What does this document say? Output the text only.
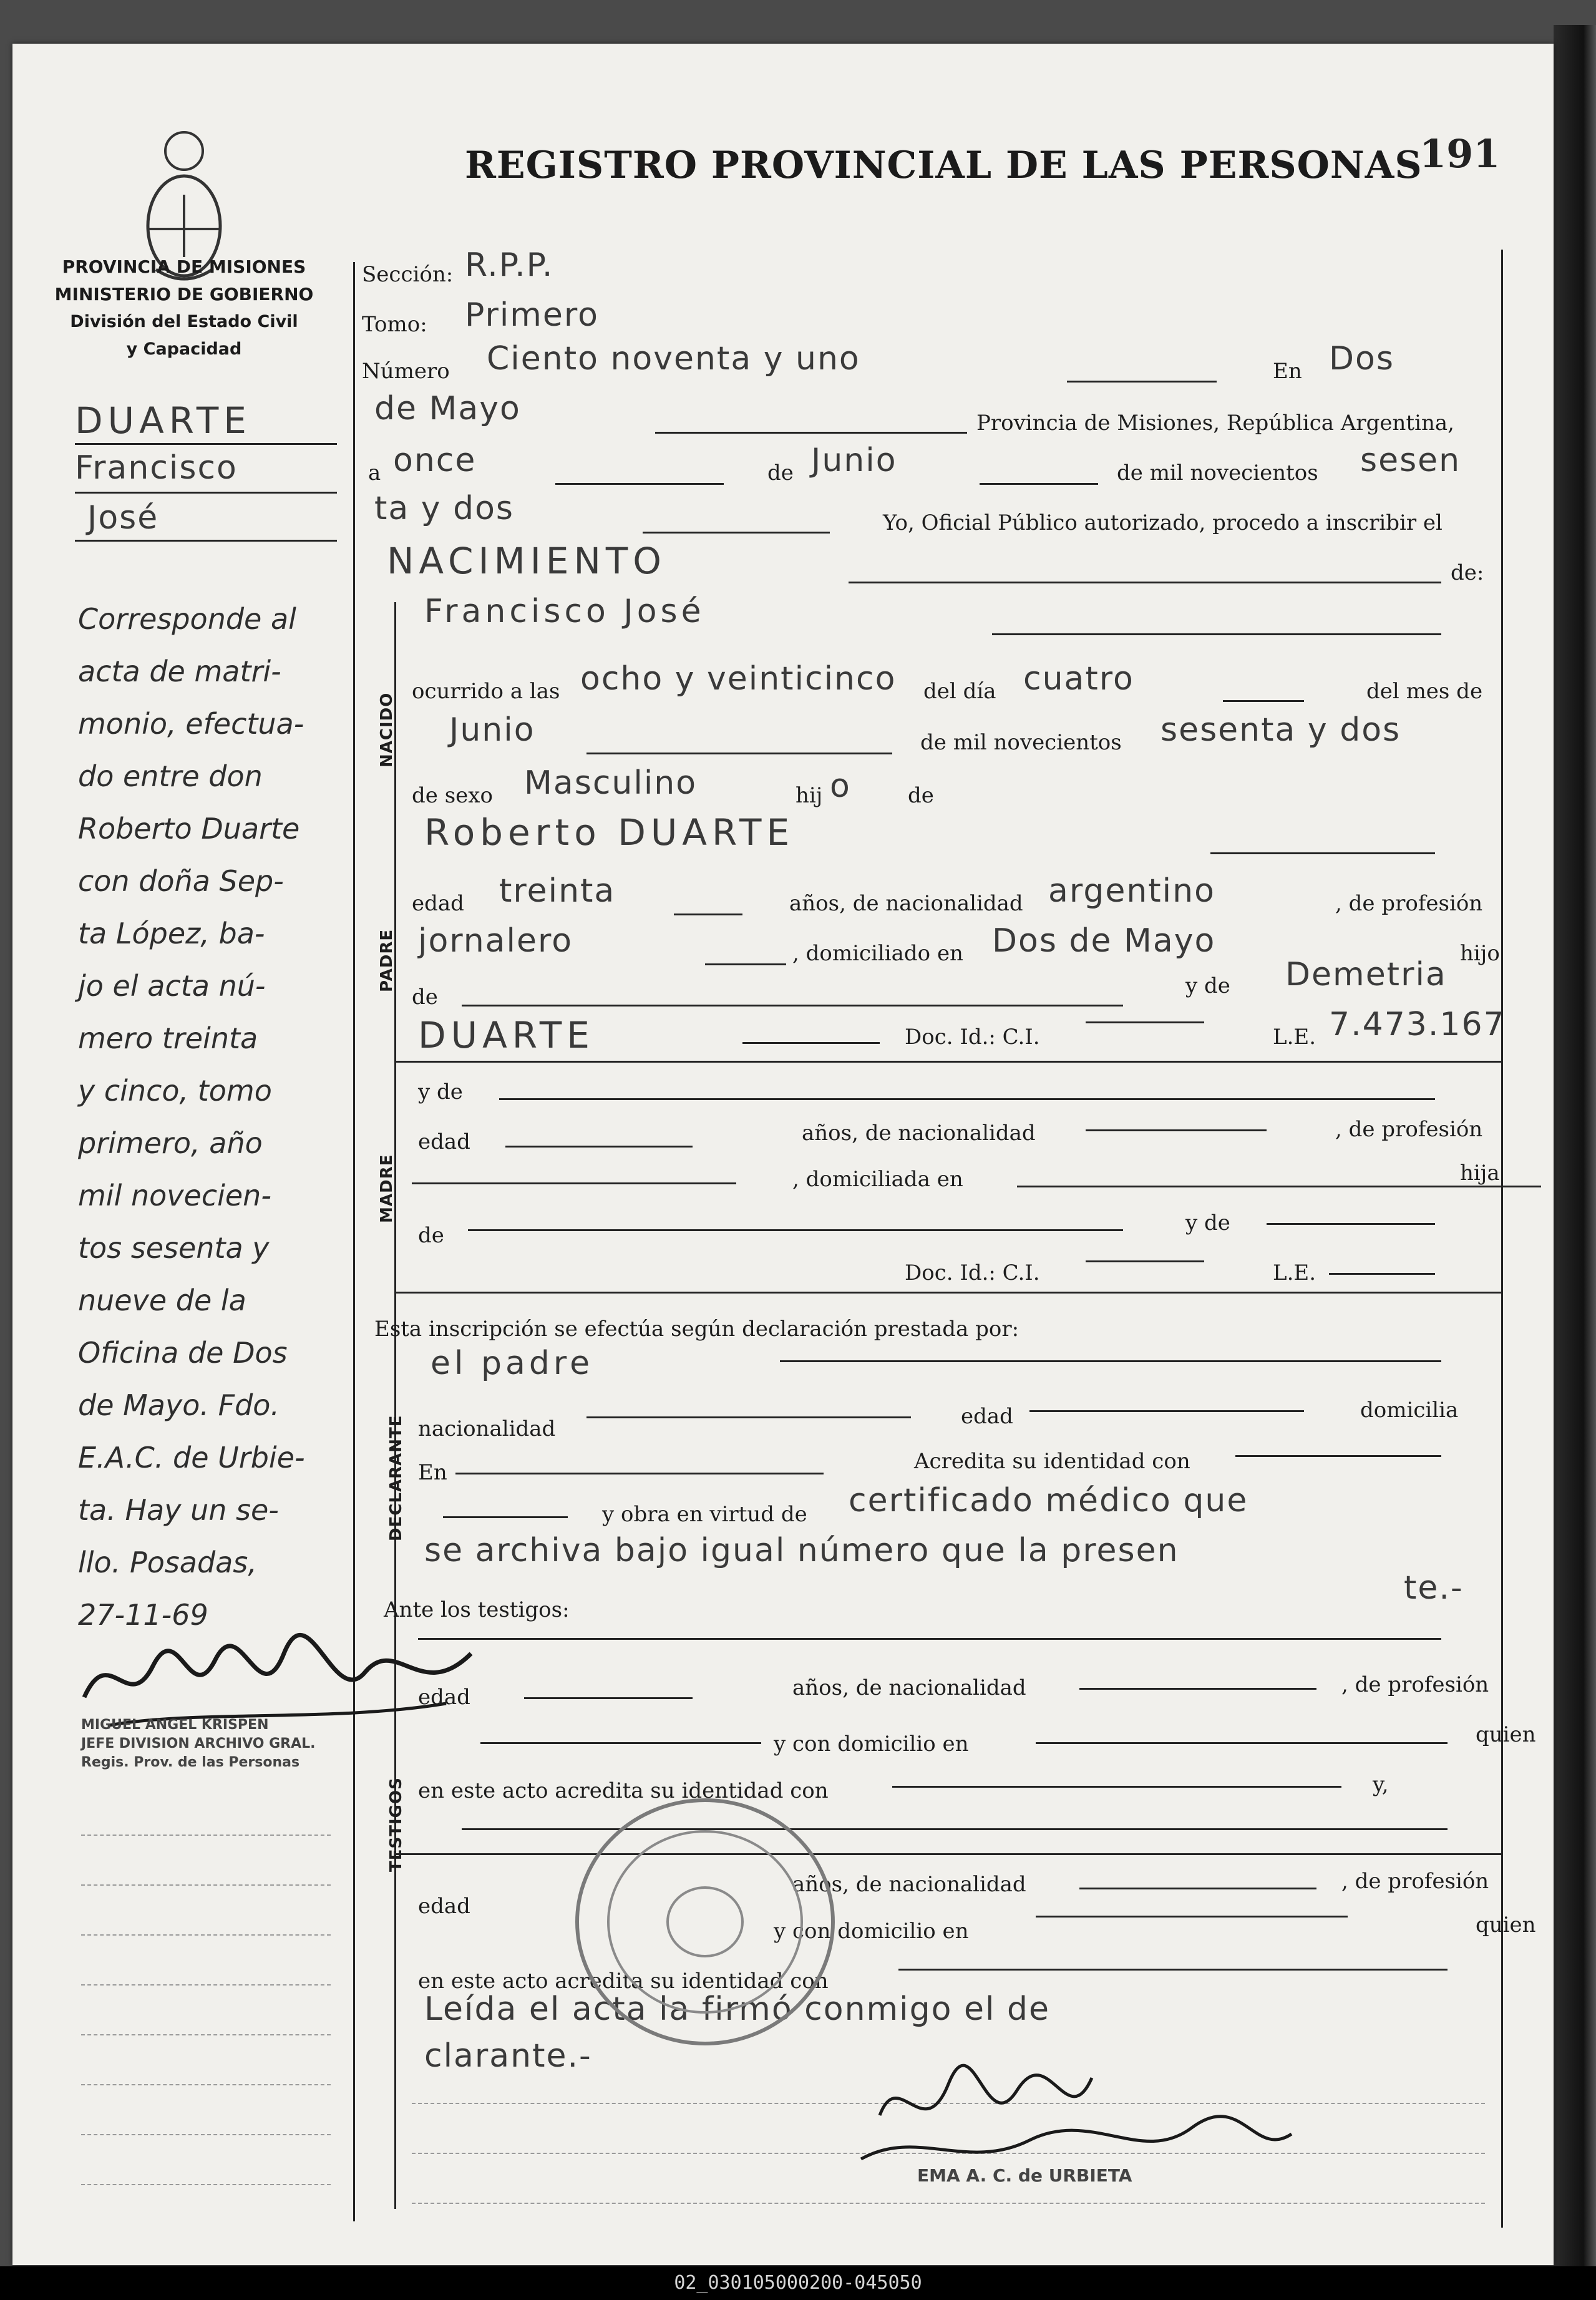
REGISTRO PROVINCIAL DE LAS PERSONAS
191
PROVINCIA DE MISIONES
MINISTERIO DE GOBIERNO
División del Estado Civil
y Capacidad
DUARTE
Francisco
José
Corresponde al
acta de matri-
monio, efectua-
do entre don
Roberto Duarte
con doña Sep-
ta López, ba-
jo el acta nú-
mero treinta
y cinco, tomo
primero, año
mil novecien-
tos sesenta y
nueve de la
Oficina de Dos
de Mayo. Fdo.
E.A.C. de Urbie-
ta. Hay un se-
llo. Posadas,
27-11-69
MIGUEL ANGEL KRISPEN
JEFE DIVISION ARCHIVO GRAL.
Regis. Prov. de las Personas
Sección: R.P.P.
Tomo: Primero
Número Ciento noventa y uno	En Dos
de Mayo	Provincia de Misiones, República Argentina,
a once	de Junio	de mil novecientos sesen
ta y dos	Yo, Oficial Público autorizado, procedo a inscribir el
NACIMIENTO	de:
NACIDO
Francisco José
ocurrido a las ocho y veinticinco del día cuatro	del mes de
Junio	de mil novecientos sesenta y dos
de sexo Masculino	hij o	de
PADRE
Roberto DUARTE
edad treinta	años, de nacionalidad argentino	, de profesión
jornalero	, domiciliado en Dos de Mayo	hijo
de	y de Demetria
DUARTE	Doc. Id.: C.I.	L.E. 7.473.167
MADRE
y de
edad	años, de nacionalidad	, de profesión
, domiciliada en	hija
de	y de
Doc. Id.: C.I.	L.E.
Esta inscripción se efectúa según declaración prestada por:
DECLARANTE
el padre
nacionalidad	edad	domicilia
En	Acredita su identidad con
y obra en virtud de certificado médico que
se archiva bajo igual número que la presen
te.-
Ante los testigos:
TESTIGOS
edad	años, de nacionalidad	, de profesión
y con domicilio en	quien
en este acto acredita su identidad con	y,
edad
años, de nacionalidad	, de profesión
y con domicilio en	quien
en este acto acredita su identidad con
Leída el acta la firmó conmigo el de
clarante.-
EMA A. C. de URBIETA
02_030105000200-045050
